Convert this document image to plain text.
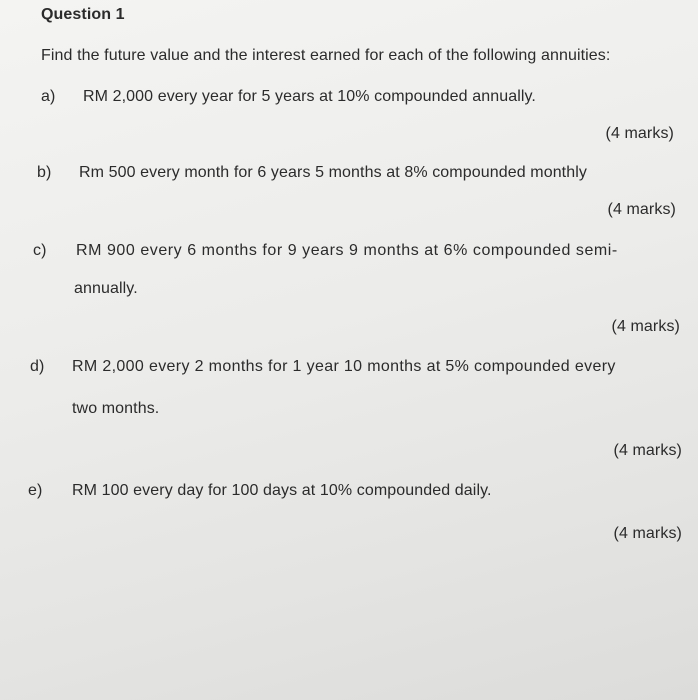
Question 1
Find the future value and the interest earned for each of the following annuities:
a) RM 2,000 every year for 5 years at 10% compounded annually.
(4 marks)
b) Rm 500 every month for 6 years 5 months at 8% compounded monthly
(4 marks)
c) RM 900 every 6 months for 9 years 9 months at 6% compounded semi-
annually.
(4 marks)
d) RM 2,000 every 2 months for 1 year 10 months at 5% compounded every
two months.
(4 marks)
e) RM 100 every day for 100 days at 10% compounded daily.
(4 marks)
